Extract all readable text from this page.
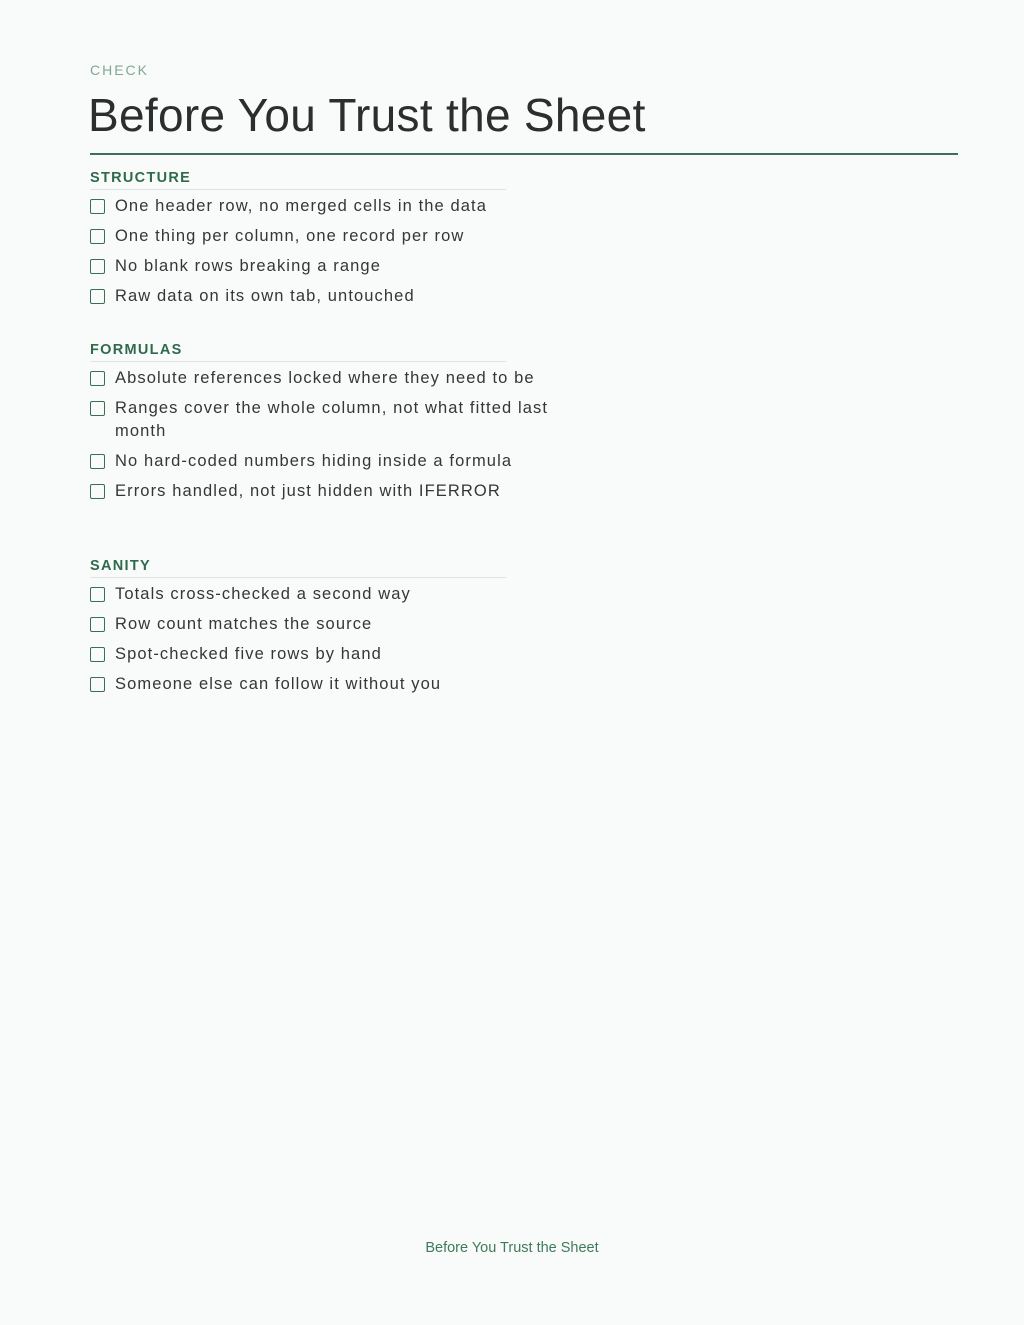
CHECK
Before You Trust the Sheet
STRUCTURE
One header row, no merged cells in the data
One thing per column, one record per row
No blank rows breaking a range
Raw data on its own tab, untouched
FORMULAS
Absolute references locked where they need to be
Ranges cover the whole column, not what fitted last month
No hard-coded numbers hiding inside a formula
Errors handled, not just hidden with IFERROR
SANITY
Totals cross-checked a second way
Row count matches the source
Spot-checked five rows by hand
Someone else can follow it without you
Before You Trust the Sheet
